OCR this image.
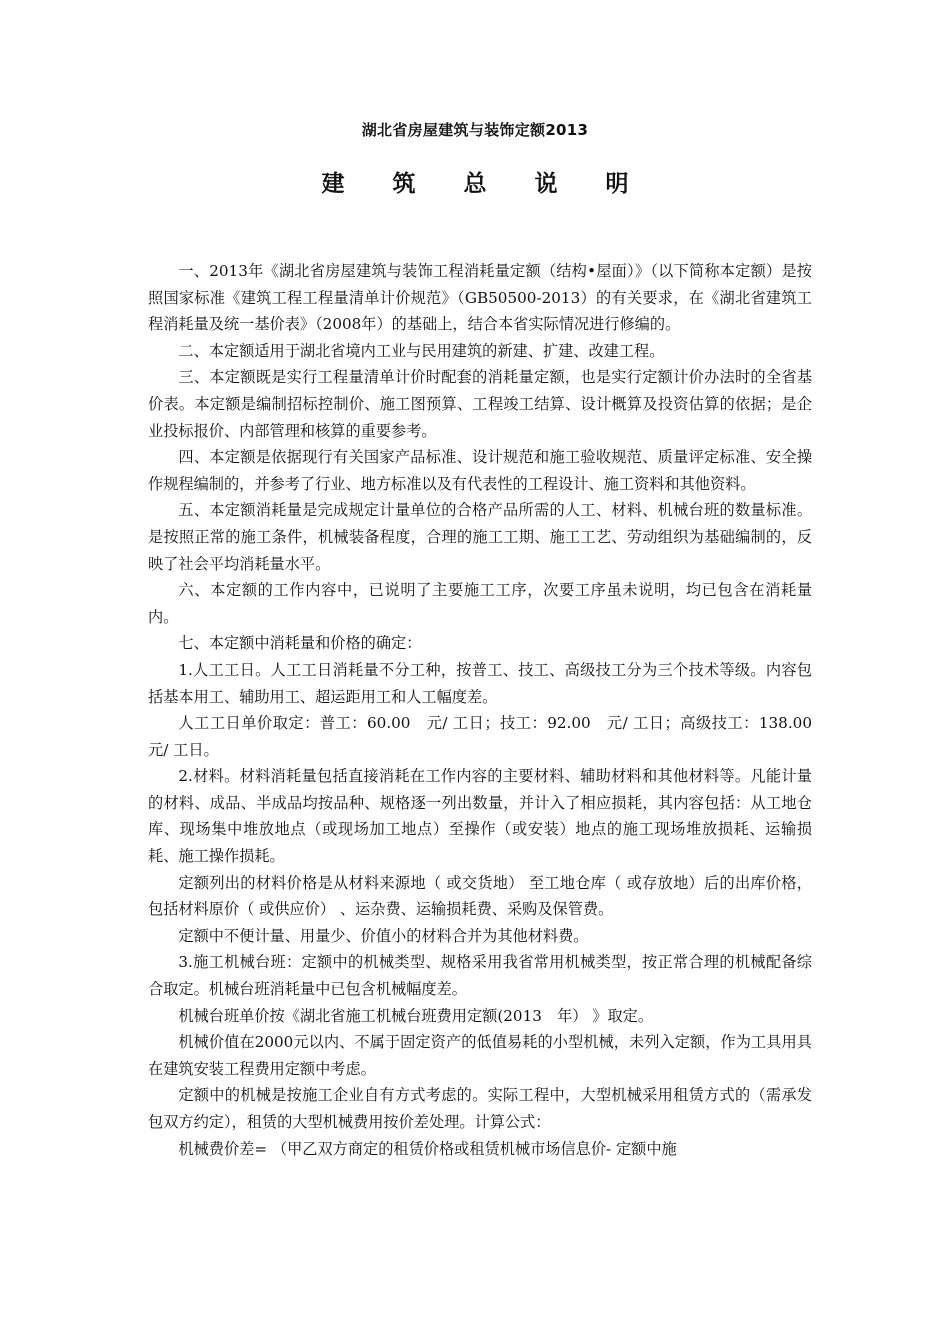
湖北省房屋建筑与装饰定额2013
建筑总说明

一、2013年《湖北省房屋建筑与装饰工程消耗量定额（结构•屋面）》（以下简称本定额）是按照国家标准《建筑工程工程量清单计价规范》（GB50500-2013）的有关要求，在《湖北省建筑工程消耗量及统一基价表》（2008年）的基础上，结合本省实际情况进行修编的。

二、本定额适用于湖北省境内工业与民用建筑的新建、扩建、改建工程。

三、本定额既是实行工程量清单计价时配套的消耗量定额，也是实行定额计价办法时的全省基价表。本定额是编制招标控制价、施工图预算、工程竣工结算、设计概算及投资估算的依据；是企业投标报价、内部管理和核算的重要参考。

四、本定额是依据现行有关国家产品标准、设计规范和施工验收规范、质量评定标准、安全操作规程编制的，并参考了行业、地方标准以及有代表性的工程设计、施工资料和其他资料。

五、本定额消耗量是完成规定计量单位的合格产品所需的人工、材料、机械台班的数量标准。是按照正常的施工条件，机械装备程度，合理的施工工期、施工工艺、劳动组织为基础编制的，反映了社会平均消耗量水平。

六、本定额的工作内容中，已说明了主要施工工序，次要工序虽未说明，均已包含在消耗量内。

七、本定额中消耗量和价格的确定：

1.人工工日。人工工日消耗量不分工种，按普工、技工、高级技工分为三个技术等级。内容包括基本用工、辅助用工、超运距用工和人工幅度差。

人工工日单价取定：普工：60.00　元/ 工日；技工：92.00　元/ 工日；高级技工：138.00元/ 工日。

2.材料。材料消耗量包括直接消耗在工作内容的主要材料、辅助材料和其他材料等。凡能计量的材料、成品、半成品均按品种、规格逐一列出数量，并计入了相应损耗，其内容包括：从工地仓库、现场集中堆放地点（或现场加工地点）至操作（或安装）地点的施工现场堆放损耗、运输损耗、施工操作损耗。

定额列出的材料价格是从材料来源地（ 或交货地） 至工地仓库（ 或存放地）后的出库价格，包括材料原价（ 或供应价） 、运杂费、运输损耗费、采购及保管费。

定额中不便计量、用量少、价值小的材料合并为其他材料费。

3.施工机械台班：定额中的机械类型、规格采用我省常用机械类型，按正常合理的机械配备综合取定。机械台班消耗量中已包含机械幅度差。

机械台班单价按《湖北省施工机械台班费用定额(2013　年） 》取定。

机械价值在2000元以内、不属于固定资产的低值易耗的小型机械，未列入定额，作为工具用具在建筑安装工程费用定额中考虑。

定额中的机械是按施工企业自有方式考虑的。实际工程中，大型机械采用租赁方式的（需承发包双方约定），租赁的大型机械费用按价差处理。计算公式：

机械费价差= （甲乙双方商定的租赁价格或租赁机械市场信息价- 定额中施
